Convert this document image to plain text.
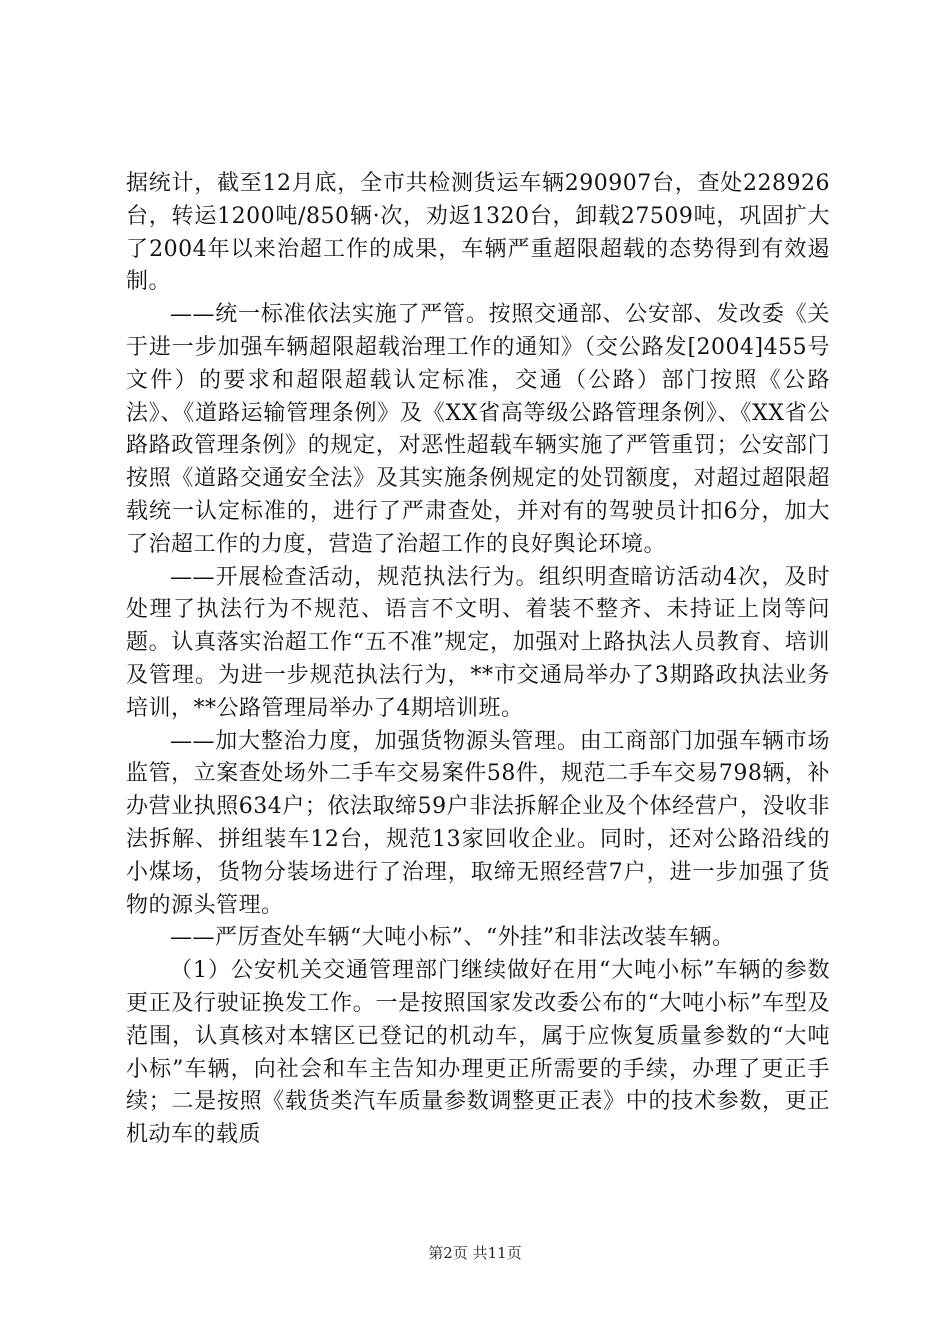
据统计，截至12月底，全市共检测货运车辆290907台，查处228926台，转运1200吨/850辆·次，劝返1320台，卸载27509吨，巩固扩大了2004年以来治超工作的成果，车辆严重超限超载的态势得到有效遏制。

——统一标准依法实施了严管。按照交通部、公安部、发改委《关于进一步加强车辆超限超载治理工作的通知》（交公路发[2004]455号文件）的要求和超限超载认定标准，交通（公路）部门按照《公路法》、《道路运输管理条例》及《XX省高等级公路管理条例》、《XX省公路路政管理条例》的规定，对恶性超载车辆实施了严管重罚；公安部门按照《道路交通安全法》及其实施条例规定的处罚额度，对超过超限超载统一认定标准的，进行了严肃查处，并对有的驾驶员计扣6分，加大了治超工作的力度，营造了治超工作的良好舆论环境。

——开展检查活动，规范执法行为。组织明查暗访活动4次，及时处理了执法行为不规范、语言不文明、着装不整齐、未持证上岗等问题。认真落实治超工作“五不准”规定，加强对上路执法人员教育、培训及管理。为进一步规范执法行为，**市交通局举办了3期路政执法业务培训，**公路管理局举办了4期培训班。

——加大整治力度，加强货物源头管理。由工商部门加强车辆市场监管，立案查处场外二手车交易案件58件，规范二手车交易798辆，补办营业执照634户；依法取缔59户非法拆解企业及个体经营户，没收非法拆解、拼组装车12台，规范13家回收企业。同时，还对公路沿线的小煤场，货物分装场进行了治理，取缔无照经营7户，进一步加强了货物的源头管理。

——严厉查处车辆“大吨小标”、“外挂”和非法改装车辆。

（1）公安机关交通管理部门继续做好在用“大吨小标”车辆的参数更正及行驶证换发工作。一是按照国家发改委公布的“大吨小标”车型及范围，认真核对本辖区已登记的机动车，属于应恢复质量参数的“大吨小标”车辆，向社会和车主告知办理更正所需要的手续，办理了更正手续；二是按照《载货类汽车质量参数调整更正表》中的技术参数，更正机动车的载质

第2页 共11页
